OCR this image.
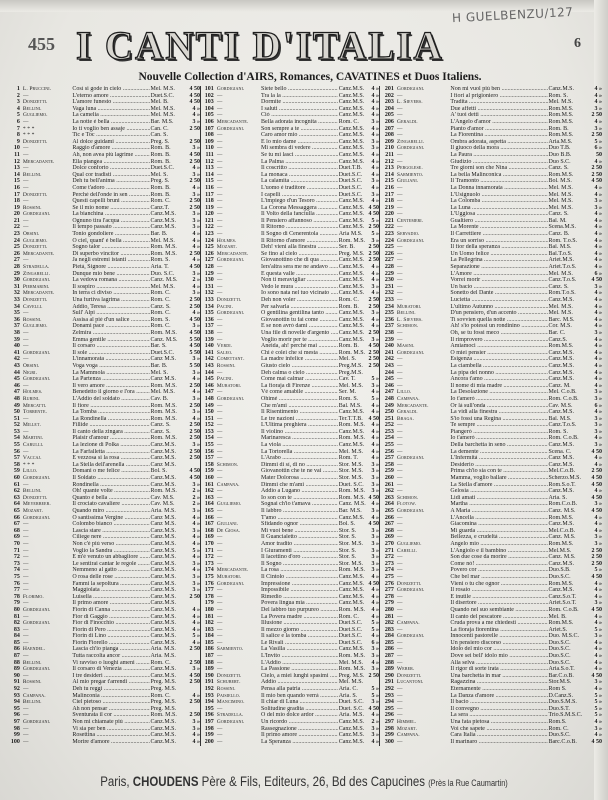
455
H GUELBENZU/127
6
I CANTI D'ITALIA
Nouvelle Collection d'AIRS, Romances, CAVATINES et Duos Italiens.
1 L. Pruccini.	Così si gode in cielo .....	Mel. M.S.	4 50
2 —	L'eterno amore .....	Duet.S.C.	4 50
3 Donizetti.	L'amore funesto .....	Mel. B.	4 50
4 Bellini.	Vaga luna .....	Mel. M.S.	4 »
5 Gugliemo.	La camelia .....	Mel. M.S.	4 »
6 —	La notte è bella .....	Bar. M.S.	3 »
7 * * *	Io ti voglio ben assaje .....	Can. C.	2 50
8 * * *	Tic e Toc .....	Can. S.
9 Donizetti.	Al dolce guidami .....	Preg. S.	2 50
10 —	Raggio d'amore .....	Rom. B.	3 »
11 —	Ah, non avea più lagrime .....	Rom. B.	4 50
12 Mercadante.	Ella piangea .....	Rom. B.	2 50
13 —	Dolce conforto .....	Duet.S.C.	4 »
14 Bellini.	Qual cor tradisti .....	Mel. S.	3 »
15 —	Deh tu bell'anima .....	Preg. S.	2 50
16 —	Come t'adoro .....	Rom. B.	4 »
17 Donizetti.	Perchè dell'onde in sen .....	Rom. B.	3 »
18 —	Questi capelli bruni .....	Rom. C.	2 50
19 Rossini.	Se il mio nome .....	Canz.T.	2 50
20 Gordigiani.	La bianchina .....	Canz.M.S.	3 »
21 —	Ognuno tira l'acqua .....	Canz.M.S.	3 »
22 —	Il tempo passato .....	Canz.M.S.	3 »
23 Orsini.	Tonio gondoliere .....	Bar. B.	4 »
24 Gugliemo.	O ciel, quant' è bella .....	Mel. M.S.	4 »
25 Donizetti.	Sogno talor .....	Rom. M.S.	4 »
26 Mercadante.	Di superbo vincitor .....	Rom. M.S.	2 50
27 —	Ja negli estremi istanti .....	Rom. S.	4 »
28 Stradella.	Pietà, Signore .....	Aria. T.	4 50
29 Zingarelli.	Dunque mio bene .....	Duo. S.C.	3 »
30 Gordigiani.	La vedova romana .....	Canz. M.S.	2 »
31 Piermarini.	Il sospiro .....	Mel. M.S.	4 »
32 Mercadante.	In terra ci diviso .....	Rom. C.	3 »
33 Donizetti.	Una furtiva lagrima .....	Rom. C.	2 50
34 Cavelli.	Addio, Teresa .....	Canz. S.	2 50
35 —	Sull' Alpi .....	Rom. C.	4 »
36 Rossini.	Assisa al piè d'un salice .....	Rom. S.	4 50
37 Gugliemo.	Donami pace .....	Rom. C.	3 »
38 —	Zelmira .....	Rom. M.S.	4 50
39 —	Emma gentile .....	Canz. M.S.	5 50
40 —	Il corsaro .....	Bar. S.	4 50
41 Gordigiani.	Il sole .....	Duet.S.C.	5 50
42 —	L'innamorata .....	Canz M.S.	3 »
43 Orsini.	Voga voga .....	Bar. B.	5 50
44 Nigri.	La Mammola .....	Mel. S.	3 »
45 Gordigiani.	La Partenza .....	Canz M.S.	4 »
46 —	Il vero amore .....	Rom. M.S.	2 50
47 Holmes.	Benedetto il giorno e l'ora .....	Mel. M.S.	4 »
48 Rubini.	L'Addio del soldato .....	Cav. B.	3 »
49 Mercatti.	Il fiore .....	Rom. M.S.	2 50
50 Torrente.	La Tomba .....	Rom. M.S.	3 »
51 —	La Rondinella .....	Rom. M.S.	4 »
52 Millet.	Fillide .....	Canz. S.	2 50
53 —	Il canto della zingara .....	Canz. S.	2 50
54 Martini.	Plaisir d'amour .....	Rom. M.S.	2 50
55 Carulli.	La lezione di Polka .....	Canz.M.S.	3 »
56 —	La Farfalletta .....	Canz.M.S.	2 50
57 Vaccaj.	E vezzosa si la rosa .....	Canz.M.S.	2 50
58 * * *	La Stella dell'arenella .....	Canz M.S.
59 Lillo.	Domani o me felice .....	Bol. S.	4 50
60 Gordigiani.	Il Soldato .....	Canz.M.S.	4 50
61 —	Rondinella .....	Canz.M.S.	3 »
62 Bellini.	Oh! quante volte .....	Rom. M.S.	2 »
63 Donizetti.	Quanto è bella .....	Cav. M.S.	2 »
64 Meyerbeer.	Il crociato cavaliere .....	Cav. M.S.	2 »
65 Mozart.	Quando miro .....	Aria. M.S.	3 »
66 Gordigiani.	O santissima Vergine .....	Canz M.S.	4 »
67 —	Colombo bianco .....	Canz M.S.	4 »
68 —	Lascia stare .....	Canz.M.S.	3 »
69 —	Ciliege nere .....	Canz.M.S.	4 »
70 —	Non c'è più verso .....	Canz.M.S.	4 »
71 —	Voglio la Sandra .....	Canz.M.S.	5 »
72 —	E m'è venuto un abbagliore .....	Canz.M.S.	4 »
73 —	Le sentirai cantar le regole .....	Canz.M.S.	3 »
74 —	Nemmeno al gatto .....	Canz.M.S.	4 »
75 —	O rosa delle rose .....	Canz.M.S.	3 »
76 —	Fammi la sepoltura .....	Canz.M.S.	3 »
77 —	Maggiolata .....	Canz.M.S.	3 »
78 Florimo.	Luisella .....	Canz.M.S.	2 50
79 —	Il primo amore .....	Canz.M.S.
80 Gordigiani.	Fiorin di Canna .....	Canz.M.S.	4 »
81 —	Fior di Gaggio .....	Canz.M.S.	4 »
82 Gordigiani.	Fior di Finocchio .....	Canz.M.S.	4 »
83 —	Fiorin di Pero .....	Canz.M.S.	4 »
84 —	Fiorin di Lino .....	Canz.M.S.	5 »
85 —	Fiorin Fiorello .....	Canz.M.S.	4 »
86 Haendel.	Lascia ch'io pianga .....	Aria. M.S.	2 50
87 —	Tutta raccolta ancor .....	Aria. M.S.
88 Bellini.	Vi ravviso o luoghi ameni .....	Rom. C.	2 50
89 Gordigiani.	Il corsaro di Venezia .....	Canz.M.S.	3 »
90 —	I tre desideri .....	Canz.M.S.	4 50
91 Rossini.	Al mio pregar t'arrendi .....	Preg. M.S.	2 50
92 —	Deh tu reggi .....	Preg. M.S.
93 Campana.	Malinconia .....	Rom. C.	4 »
94 Bellini.	Ciel pietoso .....	Preg. M.S.	2 50
95 —	Ah non pensar .....	Preg. M.S.
96 —	Sventurata il cor .....	Rom. M.S.	2 50
97 Gordigiani.	Non mi chiamate più .....	Canz.M.S.	3 »
98 —	Vi sia per ben .....	Canz.M.S.	3 »
99 —	Rosettina .....	Canz.M.S.	4 »
100 —	Morire d'amore .....	Canz.M.S.	4 »
101 Gordigiani.	Siete bello .....	Canz.M.S.	4 »
102 —	Tra la la .....	Canz.M.S.	4 »
103 —	Dormite .....	Canz.M.S.	4 »
104 —	I saluti .....	Canz.M.S.	4 »
105 —	Ciò .....	Canz.M.S.	4 »
106 Mercadante.	Bella adorata incognita .....	Rom. C.	3 »
107 Gordigiani.	Son sempre a te .....	Canz.M.S.	4 »
108 —	Caro amor mio .....	Canz.M.S.	4 »
109 —	E lo mio dame .....	Canz.M.S.	3 »
110 —	Mi sembra di vedere .....	Canz.M.S.	3 »
111 —	Se tu mi lasci .....	Canz.M.S.	4 »
112 —	La Palma .....	Canz.M.S.	4 »
113 —	Il coscritto .....	Duet.T.B.	4 »
114 —	La monaca .....	Duet.S.C.	4 »
115 —	La calamita .....	Duet.S.C.	3 »
116 —	L'uomo è traditore .....	Duet.S.C.	4 »
117 —	I capelli .....	Duet.S.C.	3 »
118 —	L'impiego d'un Tesoro .....	Canz.M.S.	4 »
119 —	La Corona Messaggera .....	Canz.M.S. 4 50
120 —	Il Volto della fanciulla .....	Canz.M.S. 4 50
121 —	Il Pensiero affannoso .....	Canz.M.S.	5 »
122 —	Il Ritorno .....	Canz.M.S. 2 50
123 —	Il Sogno di Cenerentola .....	Aria M.S.	5 »
124 Holmes.	Il Ritorno d'amore .....	Rom. M.S.	3 »
125 Mozart.	Deh! vieni alla finestra .....	Ser. B.	2 50
126 Mercadante.	Se fino al cielo .....	Preg. M.S. 2 50
127 Gordigiani.	Giovanottino che di qua .....	Canz.M.S. 2 50
128 —	Iers'altra sera me ne andavo .....	Canz.M.S.	4 »
129 —	E questa valle .....	Canz.M.S.	4 »
130 —	Non ti meravigliar .....	Canz.M.S.	4 »
131 —	Vedo le mura .....	Canz.M.S.	3 »
132 —	Io sono nata nel tuo vicinato .....	Canz.M.S.	4 »
133 Donizetti.	Deh non voler .....	Rom. C.	2 50
134 Pacini.	Per salvarla .....	Rom. B.	2 50
135 Gordigiani.	O gentilina gentilina tanto .....	Canz.M.S.	3 »
136 —	Giovanottin tu fai come .....	Canz.M.S.	4 »
137 —	E se non avrò dami .....	Canz.M.S.	4 »
138 —	Una file di novelle d'argento .....	Canz.M.S. 2 50
139 —	Voglio morir per te .....	Canz.M.S.	3 »
140 Verdi.	Aneida, ah! perchè mai .....	Rom. B.	4 50
141 Saleo.	Chi è colei che si mesta .....	Rom. M.S. 2 50
142 Comettant.	La madre infelice .....	Mel. S.	2 50
143 Rossini.	Giusto cielo .....	Preg.M.S. 2 50
144 —	Deh calma o cielo .....	Preg.M.S.
145 Pacini.	Come mai calmar .....	Cav. T.	5 »
146 Muratori.	La fioraja di Firenze .....	Mel. M.S.	3 »
147 —	Vè come amabile .....	Ser. M.	4 »
148 Gordigiani.	Ohimè .....	Rom. S.	5 »
149 —	Che m'ami .....	Bal. M.S.	4 »
150 —	Il Risentimento .....	Canz.M.S.	4 »
151 —	Le tre nazioni .....	Ter.T.T.B. 4 50
152 —	L'Ultima preghiera .....	Rom. M.S.	4 »
153 —	Il violino .....	Canz.M.S.	4 »
154 —	Marinaresca .....	Rom. M.S.	4 »
155 —	La viola .....	Canz.M.S.	4 »
156 —	La Tortorella .....	Mel. M.S.	4 »
157 —	L'Arabo .....	Rom. T.	4 »
158 Schimon.	Dimmi di sì, di no .....	Stor. M.S.	3 »
159 —	Giovanottin che te ne vai .....	Stor. M.S.	3 »
160 —	Mater Dolorosa .....	Stor. M.S.	3 »
161 Campana.	Dimmi che m'ami .....	Duet. S.C.	3 »
162 —	Addio a Lugano .....	Rom. M.S.	3 »
163 —	Io son con te .....	Rom. M.S. 4 50
164 Gugliemo.	Sognai ch'io t'amava .....	Canz. M.S. 4 »
165 —	Il labbro .....	Bar. M.S.	3 »
166 —	T'amo .....	Canz.M.S.	4 »
167 Giuliani.	Sfidando ognor .....	Bol. S.	4 50
168 De Giosa.	Mi vuoi bene .....	Stor. S.	3 »
169 —	Il Guancialetto .....	Stor. S.	3 »
170 —	Amor tradito .....	Stor. M.S.	3 »
171 —	I Giuramenti .....	Stor. S.	3 »
172 —	Il lacettino d'oro .....	Stor. S.	3 »
173 —	Il Sogno .....	Stor. M.S.	3 »
174 Mercadante.	La rosa .....	Rom. M.S.	3 »
175 Muratori.	Il Cintolo .....	Canz.M.S.	4 »
176 Gordigiani.	Impressione .....	Canz.M.S. 4 50
177 —	Impossibile .....	Canz.M.S.	4 »
178 —	Rimedio .....	Canz.M.S.	4 »
179 —	Povera lingua mia .....	Canz.M.S.	4 »
180 —	Del labbro tuo purpureo .....	Rom. M.S.	4 »
181 —	La Povera madre .....	Rom. C.	4 »
182 —	Illusione .....	Duet.S.C.	5 »
183 —	Il mezzo giorno .....	Duet.S.C.	5 »
184 —	Il salice e la tomba .....	Duet.S.C.	4 »
185 —	Le Rivali .....	Duet.S.C.	6 »
186 Sarmiento.	La Vasilla .....	Canz.M.S.	3 »
187 —	L'Invito .....	Rom. M.S.	3 »
188 —	L'Addio .....	Mel. M.S.	4 »
189 —	La Passione .....	Rom. M.S.	3 »
190 Donizetti.	Cielo, a miei lunghi spasimi .....	Preg. M.S. 2 50
191 Schubert.	Addio .....	Mel. M.S.
192 Rossini.	Pensa alla patria .....	Aria. C.	5 »
193 Paisiello.	Il mio ben quando verrà .....	Aria. S.	5 »
194 Mancimino.	Il chiar di Luna .....	Duet. S.C.	3 »
195 —	Solitudine gradita .....	Duet. S.C. 4 50
196 Stradella.	O del mio dolce ardor .....	Aria. M.S.	4 »
197 Gordigiani.	Un ricordo .....	Canz.M.S.	2 »
198 —	Rassegnazione .....	Canz.M.S.	3 »
199 —	Il primo amore .....	Canz.M.S.	3 »
200 —	La Speranza .....	Canz.M.S.	4 »
201 Gordigiani.	Non mi vuol più ben .....	Canz.M.S.	4 »
202 —	I fiori al prigioniero .....	Rom. S.	4 »
203 L. Sievers.	Tradita .....	Mel. M.S.	4 »
204 —	Due affetti .....	Rom.M.S.	3 »
205 —	A' tuoi detti .....	Rom.M.S.	2 50
206 Geraldi.	L'Angelo d'amor .....	Rom.M.S.	4 »
207 —	Pianto d'amor .....	Rom. B.	3 »
208 —	La Fiorentina .....	Rom.M.S.	2 50
209 Zingarelli.	Ombra adorata, aspetta .....	Aria.M.S.	5 »
210 Gordigiani.	Il giuoco della mora .....	Duo T.B.	6 »
211 —	La Paura .....	Duo B.B.	50
212 —	Giudizio .....	Duo S.C.	4 »
213 Pergolese.	Tre giorni son che Nina .....	Canz. S.	2 50
214 Sarmiento.	La bella Malinconica .....	Rom.M.S.	2 50
215 Giuliani.	Il Tramonto .....	Bol. M.S.	4 50
216 —	La Donna innamorata .....	Mel. M.S.	4 »
217 —	L'Usignuolo .....	Mel. M.S.	4 »
218 —	La Colomba .....	Mel. M.S.	3 »
219 —	La Luna .....	Mel. M.S.	3 »
220 —	L'Uggiosa .....	Canz. S.	4 »
221 Centemeri.	Gualtiero .....	Bal. M.	4 »
222 —	La Morente .....	Scena.M.S.	4 »
223 Servadio.	Il Carrettiere .....	Canz. B.	4 »
224 Gordigiani.	Era un sorriso .....	Rom. T.o.S.	4 »
225 —	Il fior della speranza .....	Bal. M.S.	4 »
226 —	Un Uomo felice .....	Bal.T.o.S.	4 »
227 —	La Pellegrina .....	Ariet.M.S.	4 »
228 —	Separazione .....	Ariet.T.o.S.	4 »
229 —	L'Amore .....	Mel. M.S.	6 »
230 —	Vorrei morir .....	Canz.T.o.S.	4 50
231 —	Un bacio .....	Canz. S.	3 »
232 —	Sonetto del Dante .....	Rom.T.o.S.	4 »
233 —	Lucietta .....	Canz.M.S.	4 »
234 Muratori.	L'ultimo Autunno .....	Mel. M.S.	4 »
235 Bellini.	D'un pensiero, d'un accento .....	Mel. M.S.	4 »
236 L. Sievers.	Ti sovvien quella notte .....	Barc. M.S.	4 »
237 Schimon.	Ah! s'io potessi un rondinino .....	Cor. M.S.	4 »
238 —	Oh, se tu fossi meco .....	Bar. C.	3 »
239 —	Il rimprovero .....	Canz.S.	4 »
240 Masini.	Amiamoci .....	Rom.M.S.	4 »
241 Gordigiani.	O miei pensier .....	Canz.M.S.	4 »
242 —	Esigenza .....	Canz.M.S.	4 »
243 —	La ciambella .....	Canz.M.S.	4 »
244 —	La pipa del nonno .....	Canz.M.S.	4 »
245 —	Ancora t'amo .....	Canz.M.S.	4 »
246 —	Il nome di mia madre .....	Canz. M.	4 »
247 Lillo.	La Desolazione .....	Mel. C.o.B.	3 »
248 Campana.	Io t'amerò .....	Rom. C.o.B.	3 »
249 Mercadante.	Or là sull'onda .....	Cav. M.S.	6 »
250 Geraldi.	La vidi alla finestra .....	Canz.M.S.	4 »
251 Braga.	S'io fossi una Regina .....	Bal. M.S.	3 »
252 —	Te sempre .....	Canz.T.o.S.	3 »
253 —	Piangerò .....	Rom. S.	3 »
254 —	Io t'amerò .....	Rom. C.o.B.	4 »
255 —	Della barchetta in seno .....	Canz.M.S.	3 »
256 —	La demente .....	Scena. C.	4 50
257 Gordigiani.	L'Infermità .....	Canz M.S.	4 »
258 —	Desiderio .....	Canz.M.S.	4 »
259 —	Prima ch'io sia con te .....	Mel.C.o.B.	2 50
260 —	Mamma, voglio ballare .....	Scherzo.M.S.	4 50
261 —	La Stella d'amore .....	Rom.S.o.T.	4 50
262 —	Gelosia .....	Canz.M.S.	4 »
263 Schimon.	Lidi amati .....	Aria. S.	4 50
264 Flotow.	Martha .....	Rom.C.o.B.	3 »
265 Gordigiani.	A Maria .....	Canz. M.S.	4 50
266 —	L'Ancella .....	Rom.M.S.	4 »
267 —	Giacomina .....	Canz.M.S.	4 »
268 —	Mi guarda .....	Mel.C.o.B.	4 »
269 —	Bellezza, e crudeltà .....	Canz. M.S.	3 »
270 Gugliemo.	Angelo mio .....	Rom.M.S.	3 »
271 Carelli.	L'Angiolo e il bambino .....	Mel.M.S.	2 50
272 —	Son due cose da morire .....	Canz. M.S.	2 50
273 —	Come nò! .....	Canz.M.S.	2 50
274 —	Povero cor .....	Duo.S.B.	5 »
275 —	Che bel mar .....	Duo.S.C.	4 50
276 Donizetti.	Vieni o tu che ognor .....	Rom.M.S.	4 »
277 Gordigiani.	Il rosaio .....	Canz.M.S.	4 »
278 —	È inutile .....	Canz.S.o.T.	4 »
279 —	Il disertore .....	Ariet.S.o.T.	3 »
280 —	Quando nel suo sembiante .....	Rom. C.o.B.	4 50
281 —	Il canto del pescatore .....	Mel. B.	4 »
282 Campana.	Cruda prova a me chiedesti .....	Rom.M.S.	4 »
283 —	La fioraja fiorentina .....	Ariet.S.	5 »
284 Gordigiani.	Innocenti pastorelle .....	Duo. M.S.C.	3 »
285 —	Un pensiero discorso .....	Duo.S.C.	4 »
286 —	Idolo del mio cor .....	Duo.S.C.	4 »
287 —	Dove sei bell' idolo mio .....	Duo.S.C.	4 »
288 —	Alla selva .....	Duo.S.C.	4 »
289 Weber.	Il rigor di sorte irata .....	Aria.S.o.T.	4 »
290 Donizetti.	Una barchetta in mar .....	Bar.C.o.B.	4 50
291 Lucantoni.	Ragazzina .....	Stor.M.S.	3 »
292 —	Eternamente .....	Rom S.	4 »
293 —	La Danza d'amore .....	D.Canz.S.	5 »
294 —	Il bacio .....	Duo.S.M.S.	5 »
295 —	Il convegno .....	Duo.S.T.	5 »
296 —	La sera .....	Trio.S.M.S.C.	5 »
297 Himmel.	Una fata pietosa .....	Rom.S.	4 »
298 Mozart.	Voi che sapete .....	Rom. C.	3 »
299 Campana.	Cara Italia .....	Duo.S.C.	4 »
300 —	Il marinaro .....	Barc.C.o.B.	4 50
Paris, CHOUDENS Père & Fils, Editeurs, 26, Bd des Capucines (Près la Rue Caumartin)
